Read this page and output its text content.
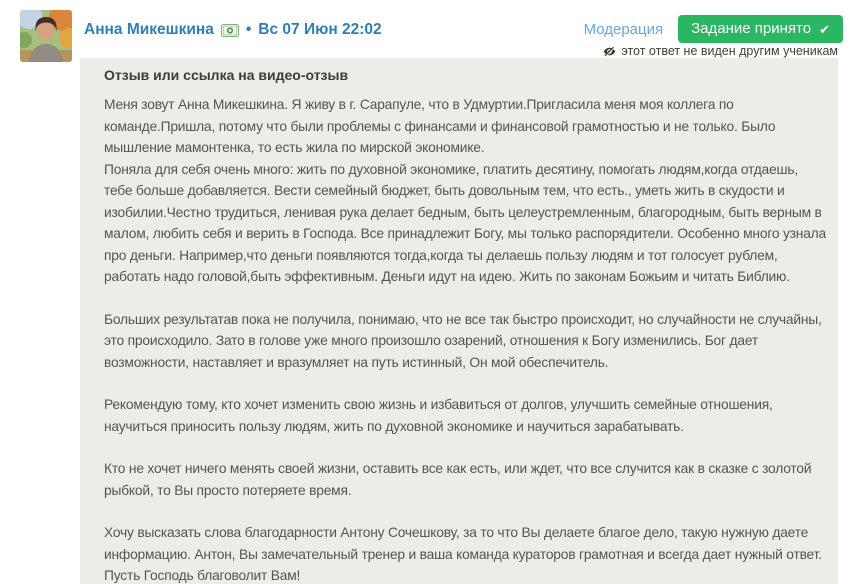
Анна Микешкина • Вс 07 Июн 22:02	Модерация Задание принято ✔
этот ответ не виден другим ученикам
Отзыв или ссылка на видео-отзыв

Меня зовут Анна Микешкина. Я живу в г. Сарапуле, что в Удмуртии.Пригласила меня моя коллега по команде.Пришла, потому что были проблемы с финансами и финансовой грамотностью и не только. Было мышление мамонтенка, то есть жила по мирской экономике.

Поняла для себя очень много: жить по духовной экономике, платить десятину, помогать людям,когда отдаешь, тебе больше добавляется. Вести семейный бюджет, быть довольным тем, что есть., уметь жить в скудости и изобилии.Честно трудиться, ленивая рука делает бедным, быть целеустремленным, благородным, быть верным в малом, любить себя и верить в Господа. Все принадлежит Богу, мы только распорядители. Особенно много узнала про деньги. Например,что деньги появляются тогда,когда ты делаешь пользу людям и тот голосует рублем, работать надо головой,быть эффективным. Деньги идут на идею. Жить по законам Божьим и читать Библию.

Больших результатав пока не получила, понимаю, что не все так быстро происходит, но случайности не случайны, это происходило. Зато в голове уже много произошло озарений, отношения к Богу изменились. Бог дает возможности, наставляет и вразумляет на путь истинный, Он мой обеспечитель.

Рекомендую тому, кто хочет изменить свою жизнь и избавиться от долгов, улучшить семейные отношения, научиться приносить пользу людям, жить по духовной экономике и научиться зарабатывать.

Кто не хочет ничего менять своей жизни, оставить все как есть, или ждет, что все случится как в сказке с золотой рыбкой, то Вы просто потеряете время.

Хочу высказать слова благодарности Антону Сочешкову, за то что Вы делаете благое дело, такую нужную даете информацию. Антон, Вы замечательный тренер и ваша команда кураторов грамотная и всегда дает нужный ответ. Пусть Господь благоволит Вам!
